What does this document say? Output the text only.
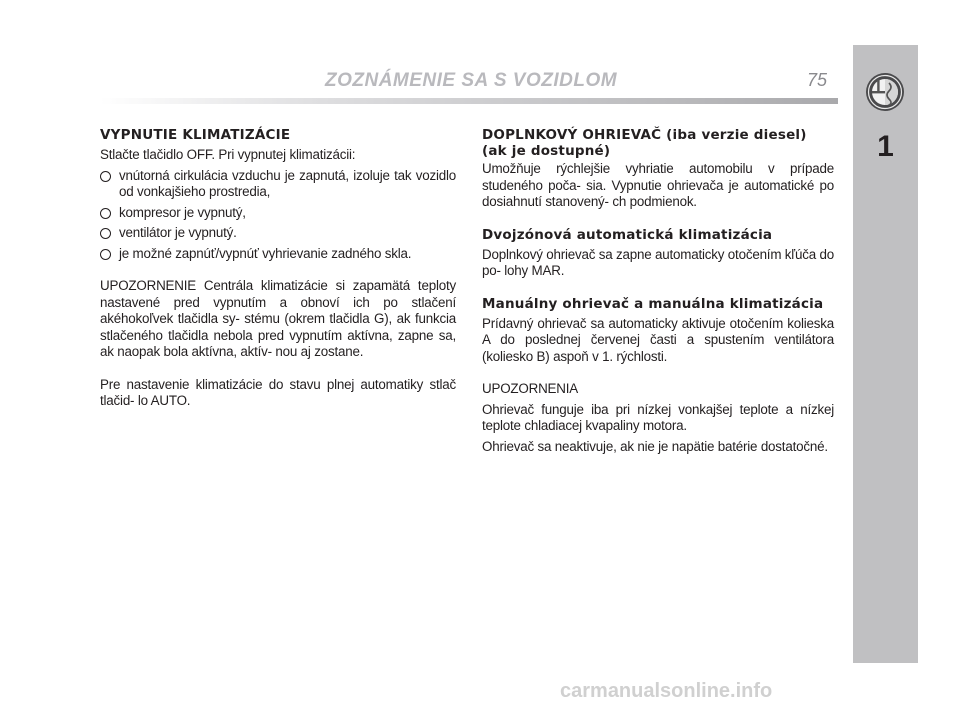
ZOZNÁMENIE SA S VOZIDLOM	75
1
VYPNUTIE KLIMATIZÁCIE

Stlačte tlačidlo OFF. Pri vypnutej klimatizácii:

vnútorná cirkulácia vzduchu je zapnutá, izoluje tak vozidlo od vonkajšieho prostredia,
kompresor je vypnutý,
ventilátor je vypnutý.
je možné zapnúť/vypnúť vyhrievanie zadného skla.

UPOZORNENIE Centrála klimatizácie si zapamätá teploty nastavené pred vypnutím a obnoví ich po stlačení akéhokoľvek tlačidla sy- stému (okrem tlačidla G), ak funkcia stlačeného tlačidla nebola pred vypnutím aktívna, zapne sa, ak naopak bola aktívna, aktív- nou aj zostane.

Pre nastavenie klimatizácie do stavu plnej automatiky stlač tlačid- lo AUTO.

DOPLNKOVÝ OHRIEVAČ (iba verzie diesel)
(ak je dostupné)

Umožňuje rýchlejšie vyhriatie automobilu v prípade studeného poča- sia. Vypnutie ohrievača je automatické po dosiahnutí stanovený- ch podmienok.

Dvojzónová automatická klimatizácia

Doplnkový ohrievač sa zapne automaticky otočením kľúča do po- lohy MAR.

Manuálny ohrievač a manuálna klimatizácia

Prídavný ohrievač sa automaticky aktivuje otočením kolieska A do poslednej červenej časti a spustením ventilátora (koliesko B) aspoň v 1. rýchlosti.

UPOZORNENIA

Ohrievač funguje iba pri nízkej vonkajšej teplote a nízkej teplote chladiacej kvapaliny motora.

Ohrievač sa neaktivuje, ak nie je napätie batérie dostatočné.

carmanualsonline.info
